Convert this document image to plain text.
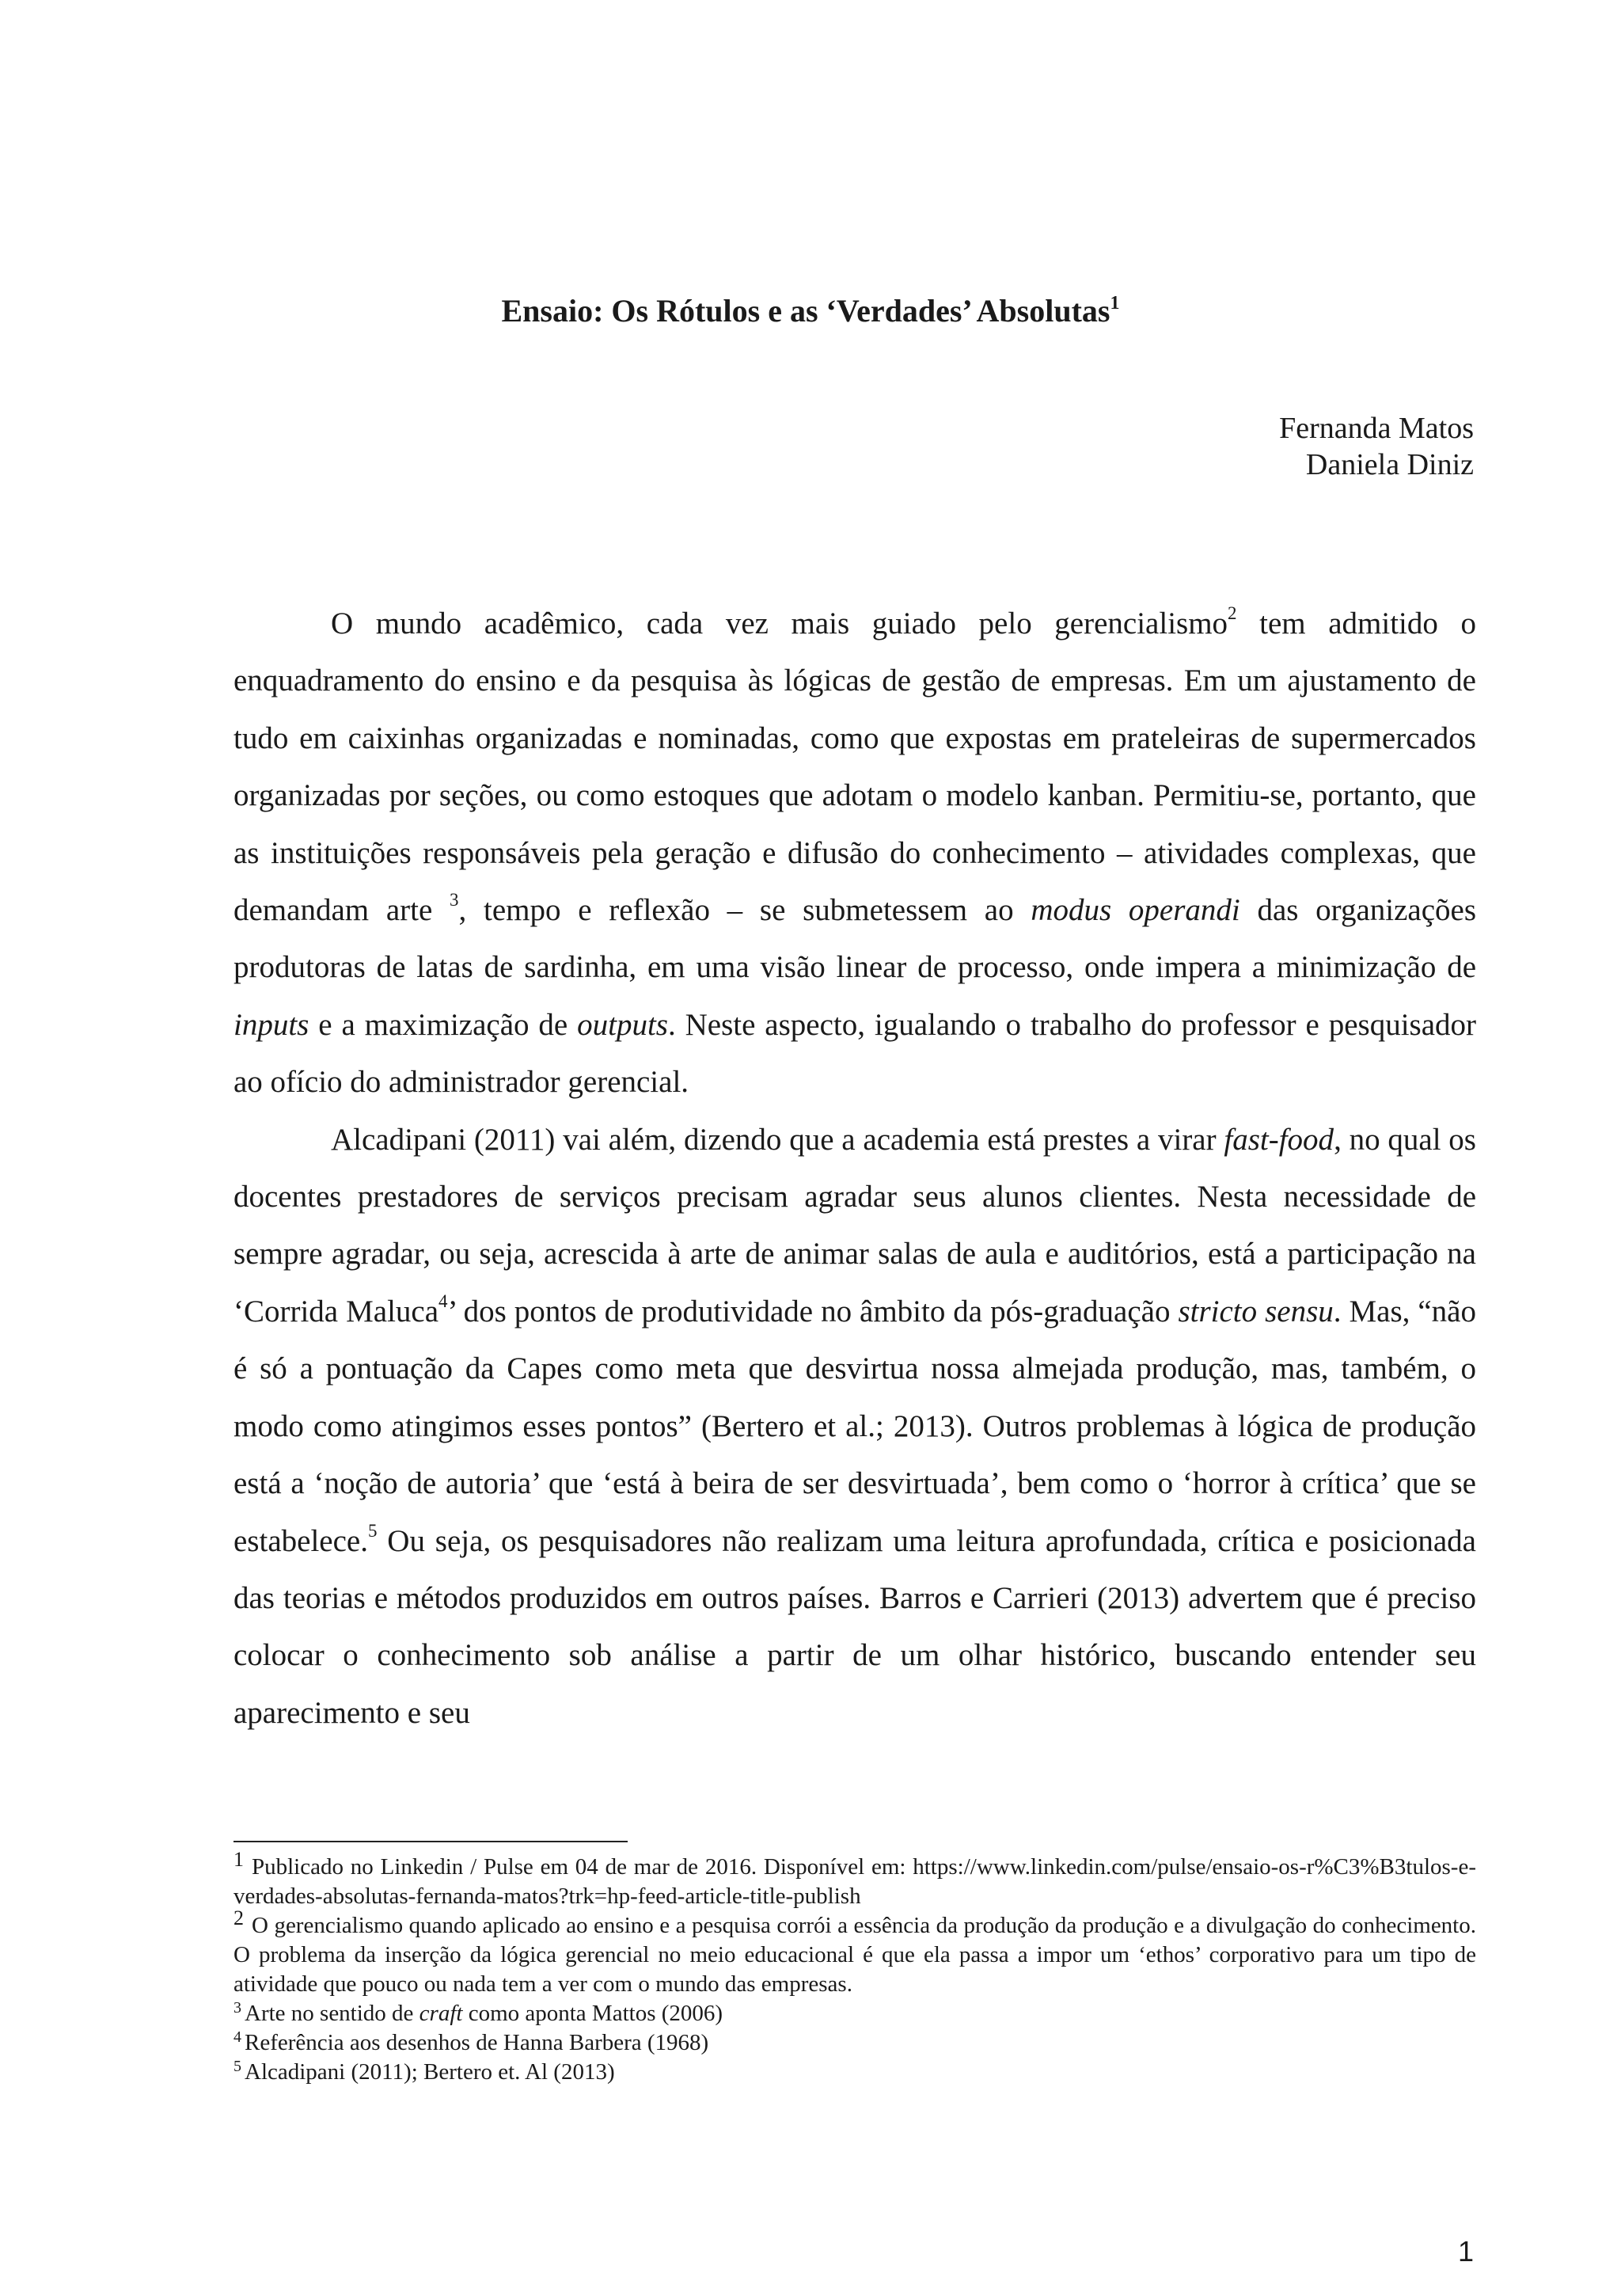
Ensaio: Os Rótulos e as ‘Verdades’ Absolutas$^1$
Fernanda Matos
Daniela Diniz

O mundo acadêmico, cada vez mais guiado pelo gerencialismo$^2$ tem admitido o enquadramento do ensino e da pesquisa às lógicas de gestão de empresas. Em um ajustamento de tudo em caixinhas organizadas e nominadas, como que expostas em prateleiras de supermercados organizadas por seções, ou como estoques que adotam o modelo kanban. Permitiu-se, portanto, que as instituições responsáveis pela geração e difusão do conhecimento – atividades complexas, que demandam arte $^3$, tempo e reflexão – se submetessem ao modus operandi das organizações produtoras de latas de sardinha, em uma visão linear de processo, onde impera a minimização de inputs e a maximização de outputs. Neste aspecto, igualando o trabalho do professor e pesquisador ao ofício do administrador gerencial.

Alcadipani (2011) vai além, dizendo que a academia está prestes a virar fast-food, no qual os docentes prestadores de serviços precisam agradar seus alunos clientes. Nesta necessidade de sempre agradar, ou seja, acrescida à arte de animar salas de aula e auditórios, está a participação na ‘Corrida Maluca$^4$’ dos pontos de produtividade no âmbito da pós-graduação stricto sensu. Mas, “não é só a pontuação da Capes como meta que desvirtua nossa almejada produção, mas, também, o modo como atingimos esses pontos” (Bertero et al.; 2013). Outros problemas à lógica de produção está a ‘noção de autoria’ que ‘está à beira de ser desvirtuada’, bem como o ‘horror à crítica’ que se estabelece.$^5$ Ou seja, os pesquisadores não realizam uma leitura aprofundada, crítica e posicionada das teorias e métodos produzidos em outros países. Barros e Carrieri (2013) advertem que é preciso colocar o conhecimento sob análise a partir de um olhar histórico, buscando entender seu aparecimento e seu

1 Publicado no Linkedin / Pulse em 04 de mar de 2016. Disponível em: https://www.linkedin.com/pulse/ensaio-os-r%C3%B3tulos-e-verdades-absolutas-fernanda-matos?trk=hp-feed-article-title-publish

2 O gerencialismo quando aplicado ao ensino e a pesquisa corrói a essência da produção da produção e a divulgação do conhecimento. O problema da inserção da lógica gerencial no meio educacional é que ela passa a impor um ‘ethos’ corporativo para um tipo de atividade que pouco ou nada tem a ver com o mundo das empresas.

$^3$ Arte no sentido de craft como aponta Mattos (2006)

$^4$ Referência aos desenhos de Hanna Barbera (1968)

$^5$ Alcadipani (2011); Bertero et. Al (2013)

1
